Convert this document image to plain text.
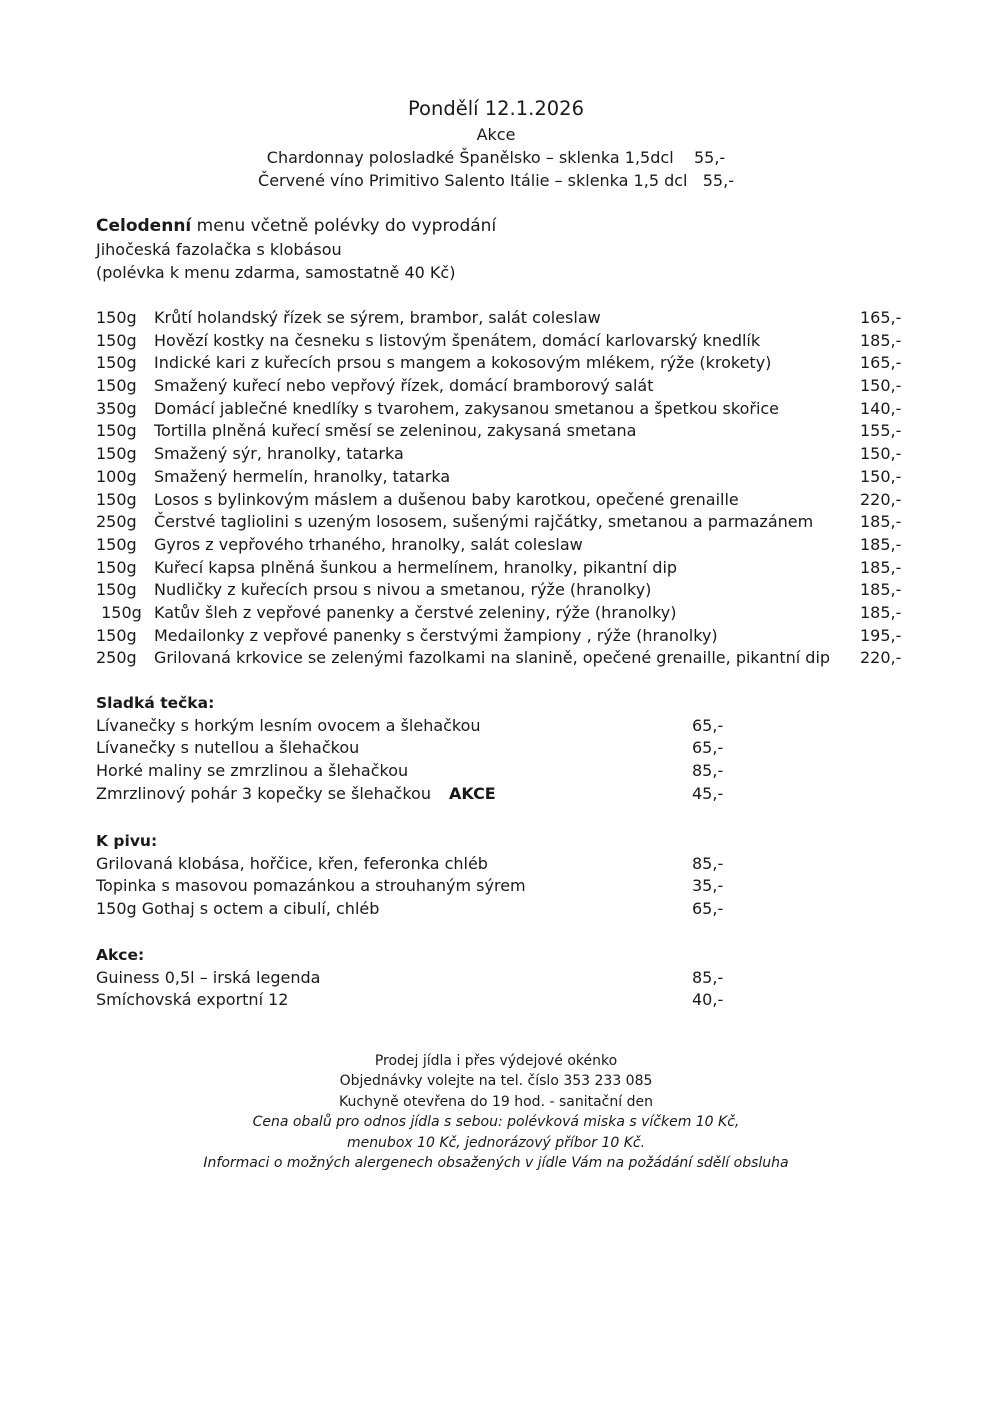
Pondělí 12.1.2026
Akce
Chardonnay polosladké Španělsko – sklenka 1,5dcl    55,-
Červené víno Primitivo Salento Itálie – sklenka 1,5 dcl   55,-
Celodenní menu včetně polévky do vyprodání
Jihočeská fazolačka s klobásou
(polévka k menu zdarma, samostatně 40 Kč)
150g Krůtí holandský řízek se sýrem, brambor, salát coleslaw	165,-
150g Hovězí kostky na česneku s listovým špenátem, domácí karlovarský knedlík	185,-
150g Indické kari z kuřecích prsou s mangem a kokosovým mlékem, rýže (krokety)	165,-
150g Smažený kuřecí nebo vepřový řízek, domácí bramborový salát	150,-
350g Domácí jablečné knedlíky s tvarohem, zakysanou smetanou a špetkou skořice	140,-
150g Tortilla plněná kuřecí směsí se zeleninou, zakysaná smetana	155,-
150g Smažený sýr, hranolky, tatarka	150,-
100g Smažený hermelín, hranolky, tatarka	150,-
150g Losos s bylinkovým máslem a dušenou baby karotkou, opečené grenaille	220,-
250g Čerstvé tagliolini s uzeným lososem, sušenými rajčátky, smetanou a parmazánem	185,-
150g Gyros z vepřového trhaného, hranolky, salát coleslaw	185,-
150g Kuřecí kapsa plněná šunkou a hermelínem, hranolky, pikantní dip	185,-
150g Nudličky z kuřecích prsou s nivou a smetanou, rýže (hranolky)	185,-
150g Katův šleh z vepřové panenky a čerstvé zeleniny, rýže (hranolky)	185,-
150g Medailonky z vepřové panenky s čerstvými žampiony , rýže (hranolky)	195,-
250g Grilovaná krkovice se zelenými fazolkami na slanině, opečené grenaille, pikantní dip 220,-
Sladká tečka:
Lívanečky s horkým lesním ovocem a šlehačkou	65,-
Lívanečky s nutellou a šlehačkou	65,-
Horké maliny se zmrzlinou a šlehačkou	85,-
Zmrzlinový pohár 3 kopečky se šlehačkou AKCE	45,-
K pivu:
Grilovaná klobása, hořčice, křen, feferonka chléb	85,-
Topinka s masovou pomazánkou a strouhaným sýrem	35,-
150g Gothaj s octem a cibulí, chléb	65,-
Akce:
Guiness 0,5l – irská legenda	85,-
Smíchovská exportní 12	40,-
Prodej jídla i přes výdejové okénko
Objednávky volejte na tel. číslo 353 233 085
Kuchyně otevřena do 19 hod. - sanitační den
Cena obalů pro odnos jídla s sebou: polévková miska s víčkem 10 Kč,
menubox 10 Kč, jednorázový příbor 10 Kč.
Informaci o možných alergenech obsažených v jídle Vám na požádání sdělí obsluha
